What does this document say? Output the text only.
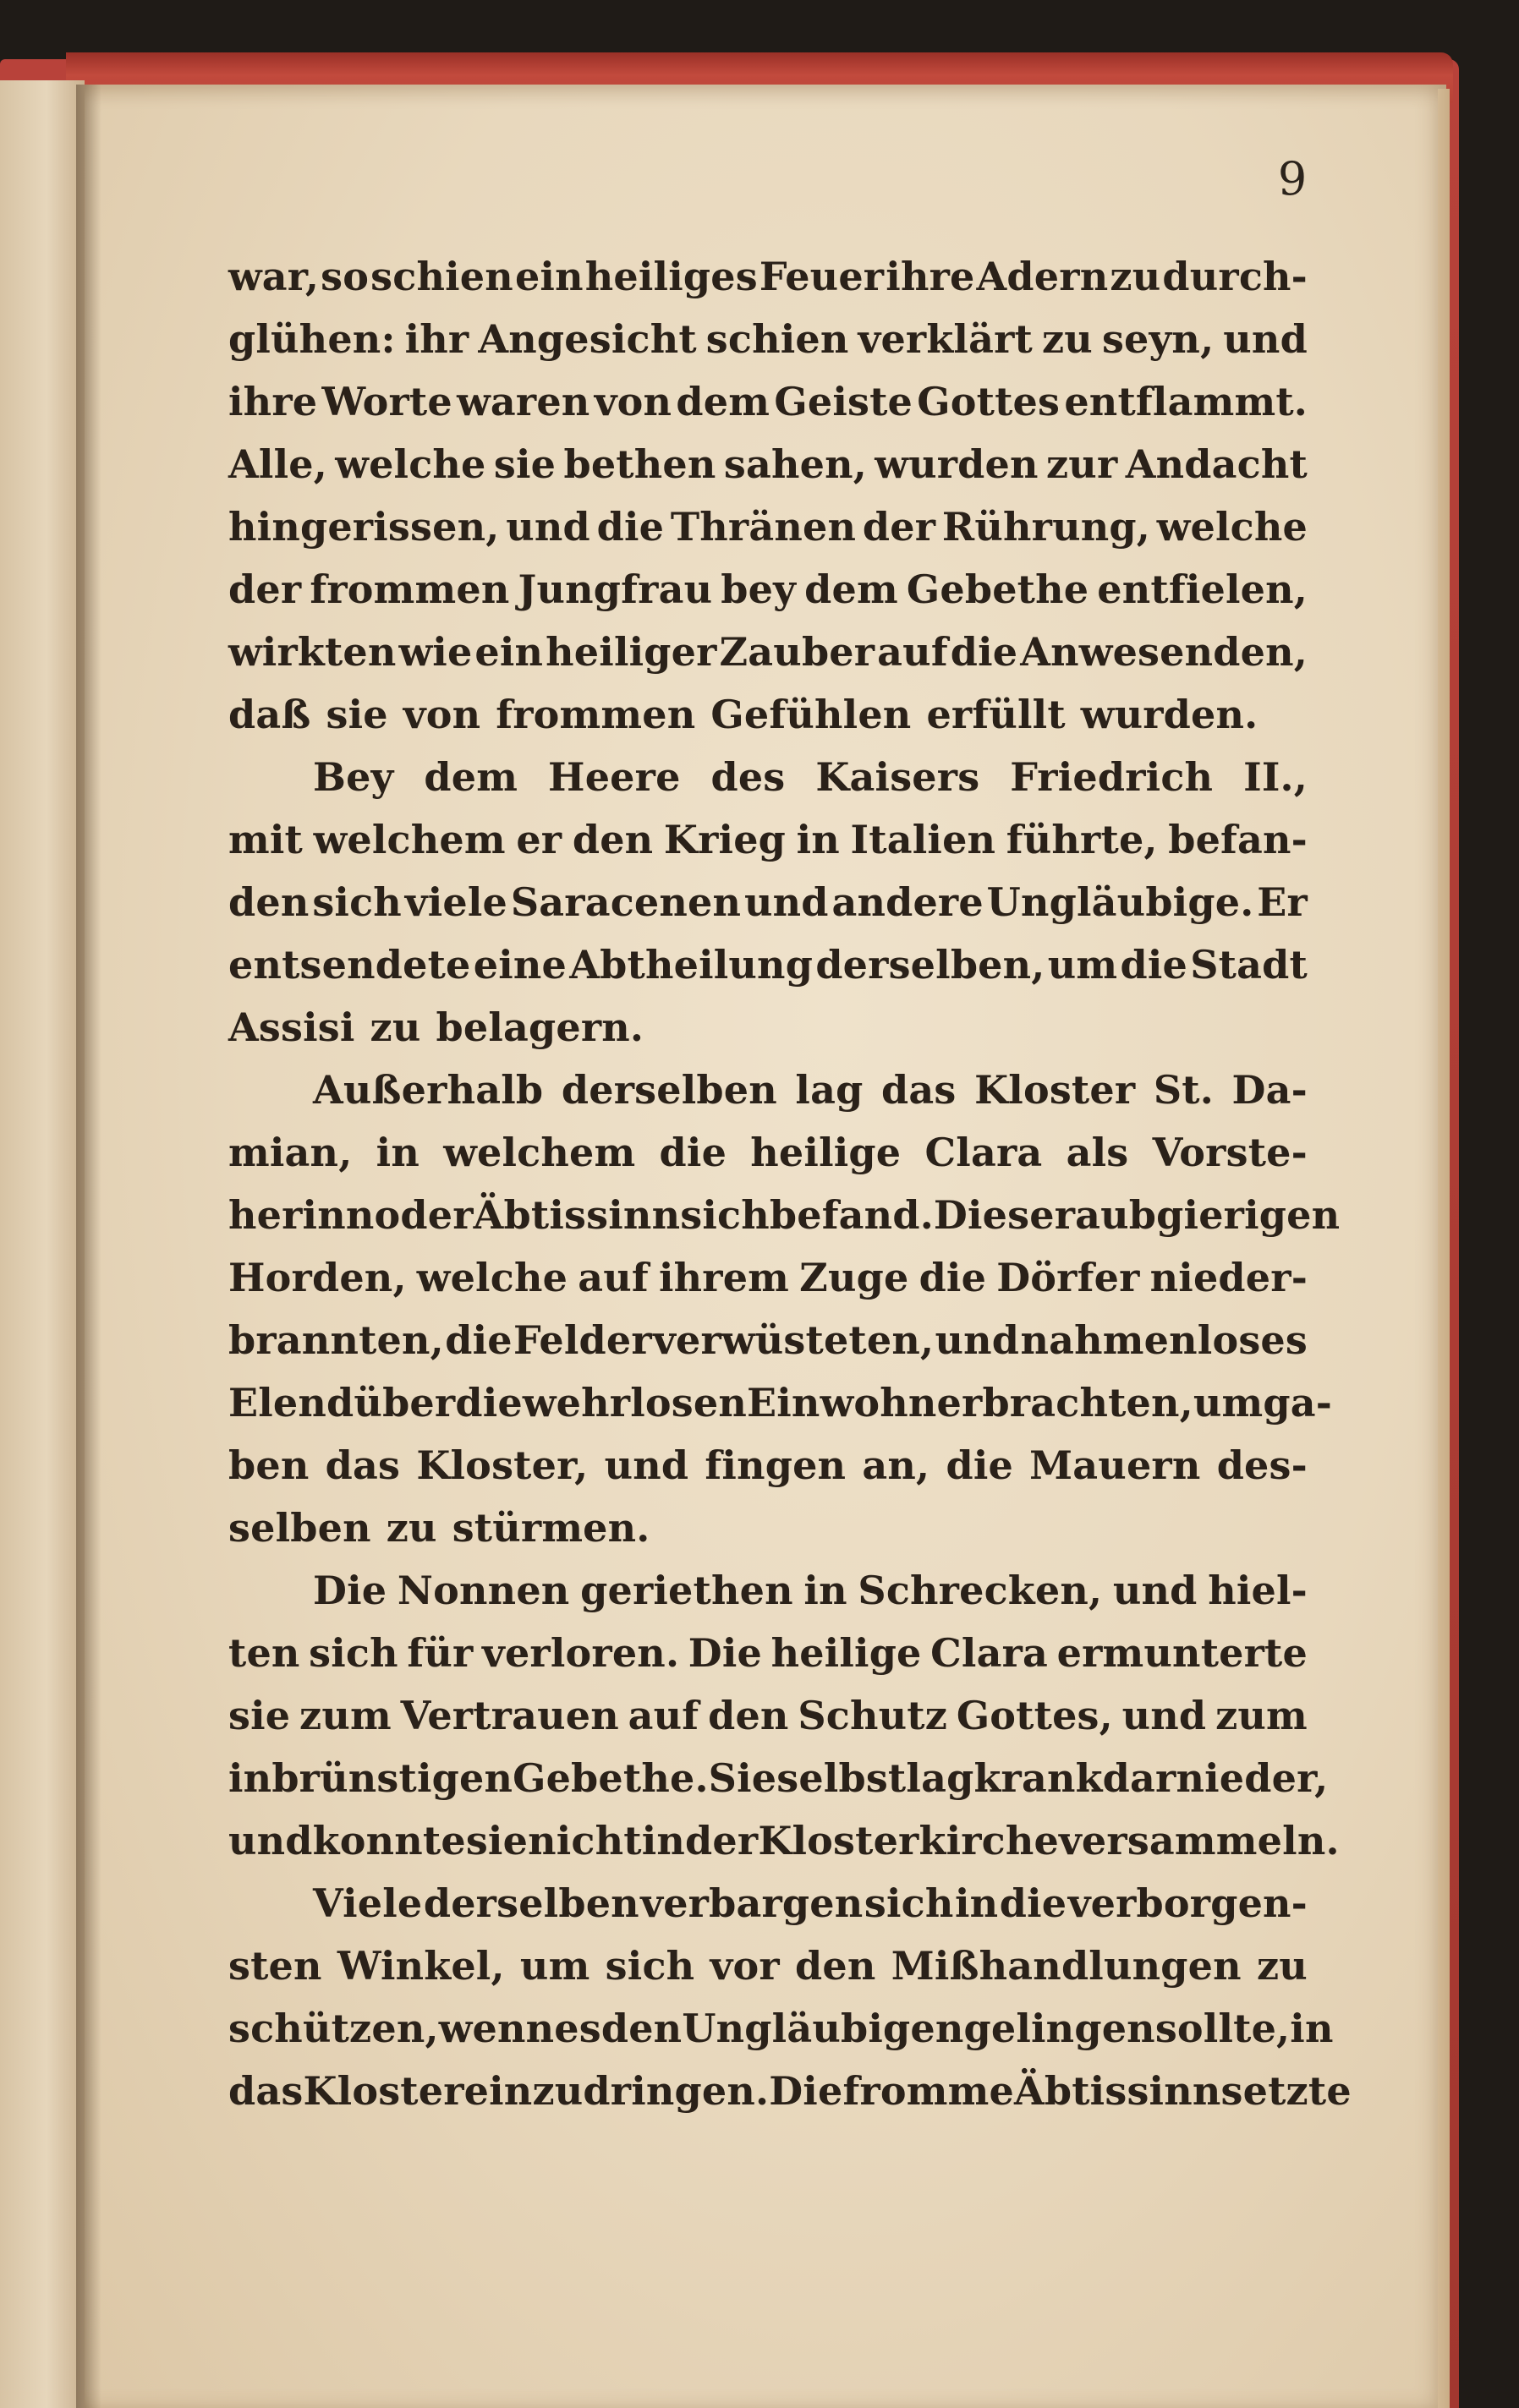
9
war, so schien ein heiliges Feuer ihre Adern zu durch-
glühen: ihr Angesicht schien verklärt zu seyn, und
ihre Worte waren von dem Geiste Gottes entflammt.
Alle, welche sie bethen sahen, wurden zur Andacht
hingerissen, und die Thränen der Rührung, welche
der frommen Jungfrau bey dem Gebethe entfielen,
wirkten wie ein heiliger Zauber auf die Anwesenden,
daß sie von frommen Gefühlen erfüllt wurden.
Bey dem Heere des Kaisers Friedrich II.,
mit welchem er den Krieg in Italien führte, befan-
den sich viele Saracenen und andere Ungläubige. Er
entsendete eine Abtheilung derselben, um die Stadt
Assisi zu belagern.
Außerhalb derselben lag das Kloster St. Da-
mian, in welchem die heilige Clara als Vorste-
herinn oder Äbtissinn sich befand. Diese raubgierigen
Horden, welche auf ihrem Zuge die Dörfer nieder-
brannten, die Felder verwüsteten, und nahmenloses
Elend über die wehrlosen Einwohner brachten, umga-
ben das Kloster, und fingen an, die Mauern des-
selben zu stürmen.
Die Nonnen geriethen in Schrecken, und hiel-
ten sich für verloren. Die heilige Clara ermunterte
sie zum Vertrauen auf den Schutz Gottes, und zum
inbrünstigen Gebethe. Sie selbst lag krank darnieder,
und konnte sie nicht in der Klosterkirche versammeln.
Viele derselben verbargen sich in die verborgen-
sten Winkel, um sich vor den Mißhandlungen zu
schützen, wenn es den Ungläubigen gelingen sollte, in
das Kloster einzudringen. Die fromme Äbtissinn setzte
